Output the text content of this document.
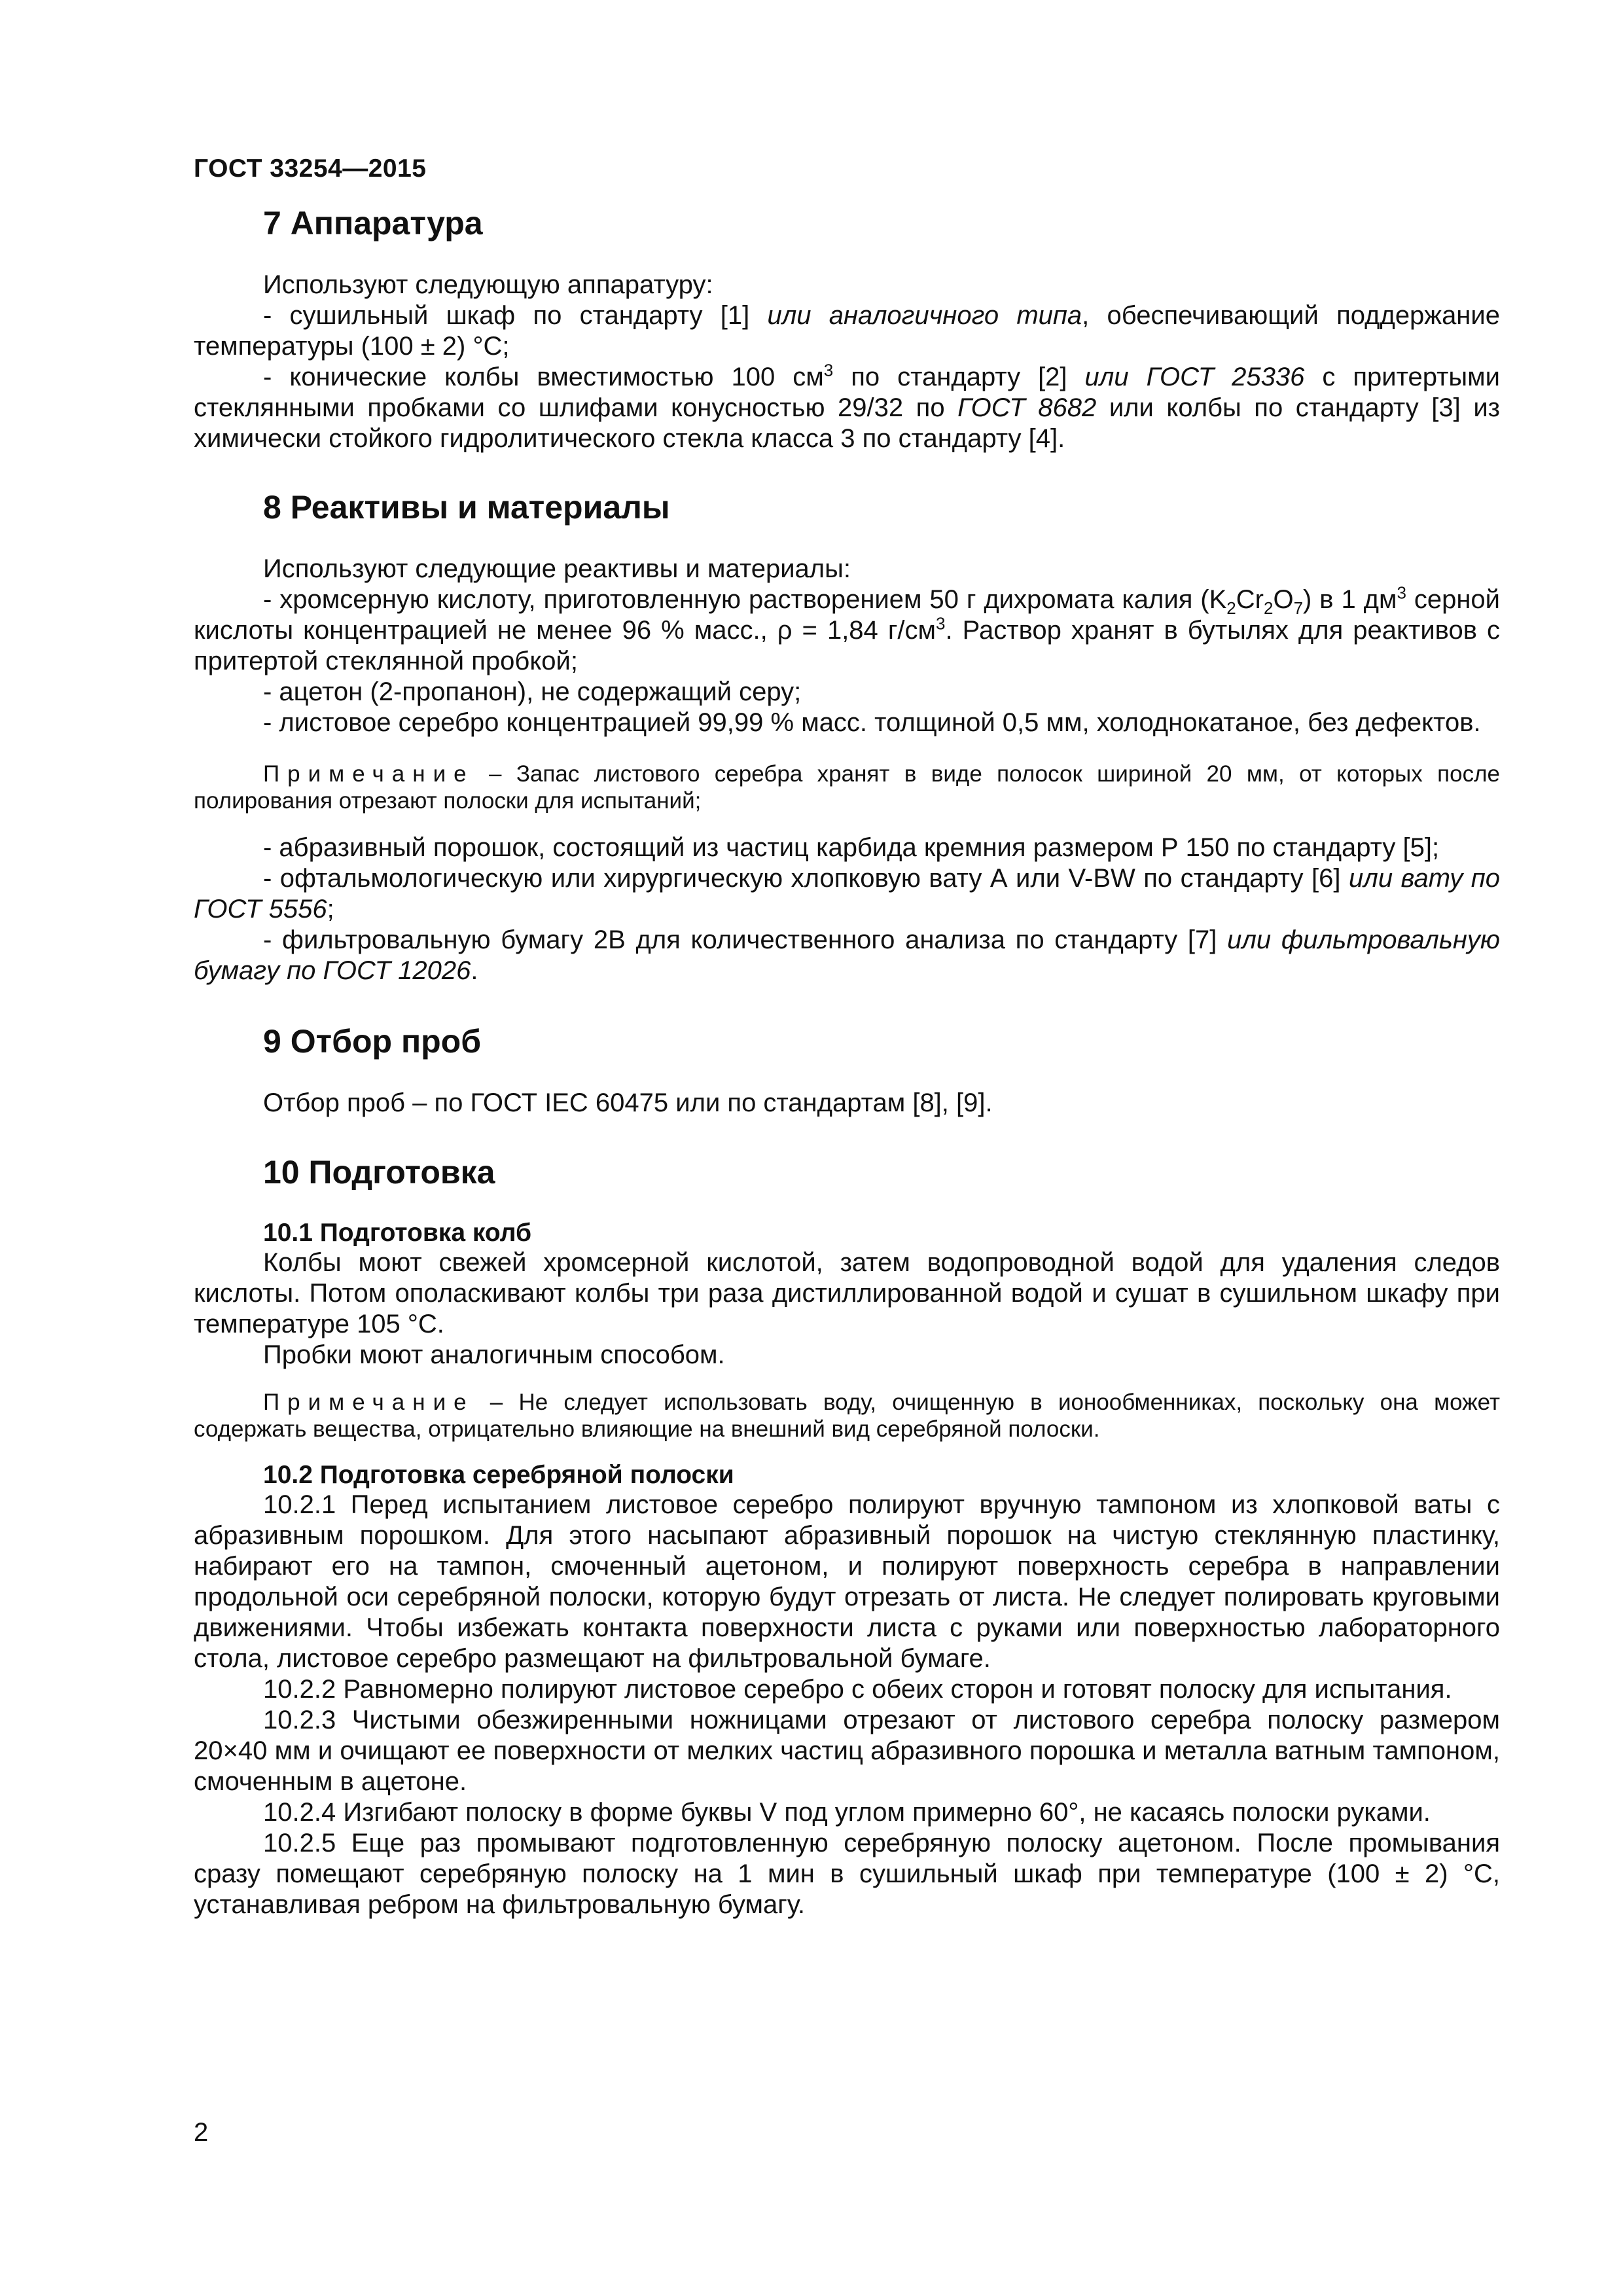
ГОСТ 33254—2015
7 Аппаратура

Используют следующую аппаратуру:

- сушильный шкаф по стандарту [1] или аналогичного типа, обеспечивающий поддержание температуры (100 ± 2) °С;

- конические колбы вместимостью 100 $см^3$ по стандарту [2] или ГОСТ 25336 с притертыми стеклянными пробками со шлифами конусностью 29/32 по ГОСТ 8682 или колбы по стандарту [3] из химически стойкого гидролитического стекла класса 3 по стандарту [4].

8 Реактивы и материалы

Используют следующие реактивы и материалы:

- хромсерную кислоту, приготовленную растворением 50 г дихромата калия $(K_2Cr_2O_7)$ в 1 $дм^3$ серной кислоты концентрацией не менее 96 % масс., ρ = 1,84 $г/см^3$. Раствор хранят в бутылях для реактивов с притертой стеклянной пробкой;

- ацетон (2-пропанон), не содержащий серу;

- листовое серебро концентрацией 99,99 % масс. толщиной 0,5 мм, холоднокатаное, без дефектов.

Примечание – Запас листового серебра хранят в виде полосок шириной 20 мм, от которых после полирования отрезают полоски для испытаний;

- абразивный порошок, состоящий из частиц карбида кремния размером Р 150 по стандарту [5];

- офтальмологическую или хирургическую хлопковую вату А или V-BW по стандарту [6] или вату по ГОСТ 5556;

- фильтровальную бумагу 2В для количественного анализа по стандарту [7] или фильтровальную бумагу по ГОСТ 12026.

9 Отбор проб

Отбор проб – по ГОСТ IEC 60475 или по стандартам [8], [9].

10 Подготовка
10.1 Подготовка колб

Колбы моют свежей хромсерной кислотой, затем водопроводной водой для удаления следов кислоты. Потом ополаскивают колбы три раза дистиллированной водой и сушат в сушильном шкафу при температуре 105 °С.

Пробки моют аналогичным способом.

Примечание – Не следует использовать воду, очищенную в ионообменниках, поскольку она может содержать вещества, отрицательно влияющие на внешний вид серебряной полоски.

10.2 Подготовка серебряной полоски

10.2.1 Перед испытанием листовое серебро полируют вручную тампоном из хлопковой ваты с абразивным порошком. Для этого насыпают абразивный порошок на чистую стеклянную пластинку, набирают его на тампон, смоченный ацетоном, и полируют поверхность серебра в направлении продольной оси серебряной полоски, которую будут отрезать от листа. Не следует полировать круговыми движениями. Чтобы избежать контакта поверхности листа с руками или поверхностью лабораторного стола, листовое серебро размещают на фильтровальной бумаге.

10.2.2 Равномерно полируют листовое серебро с обеих сторон и готовят полоску для испытания.

10.2.3 Чистыми обезжиренными ножницами отрезают от листового серебра полоску размером 20×40 мм и очищают ее поверхности от мелких частиц абразивного порошка и металла ватным тампоном, смоченным в ацетоне.

10.2.4 Изгибают полоску в форме буквы V под углом примерно 60°, не касаясь полоски руками.

10.2.5 Еще раз промывают подготовленную серебряную полоску ацетоном. После промывания сразу помещают серебряную полоску на 1 мин в сушильный шкаф при температуре (100 ± 2) °С, устанавливая ребром на фильтровальную бумагу.

2
